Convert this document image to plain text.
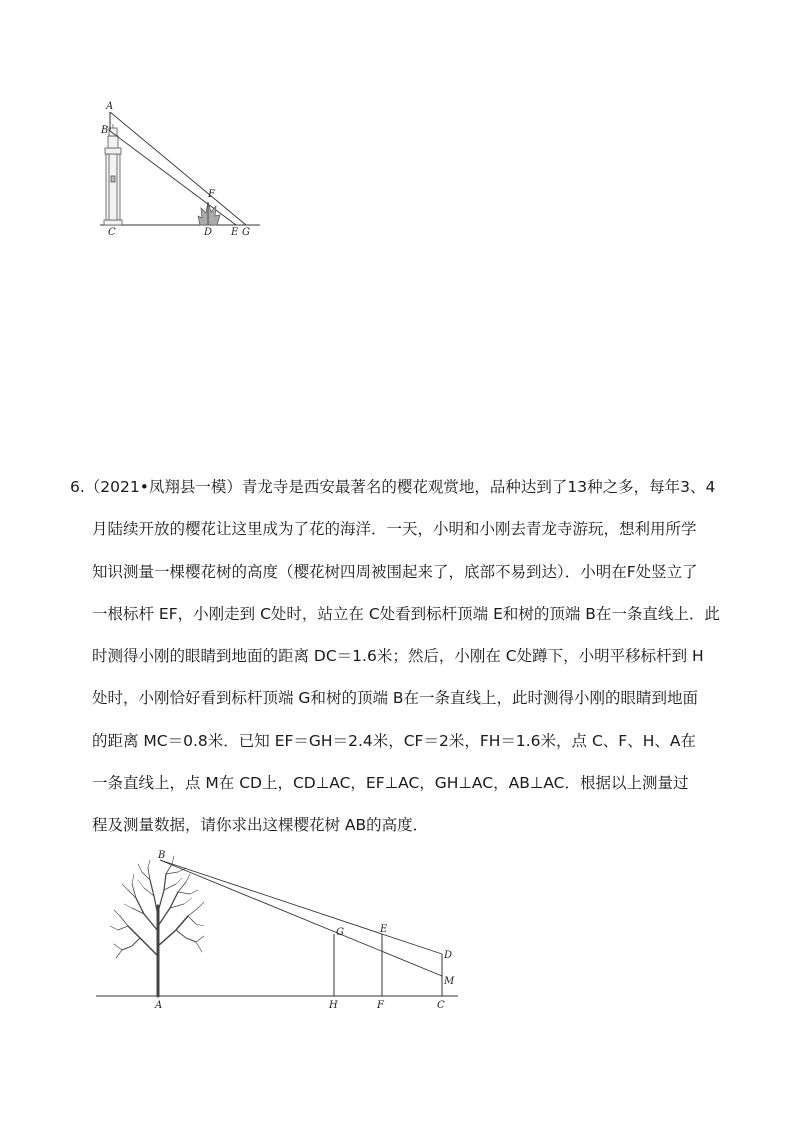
A
B
C	D E
F
G

6.（2021•凤翔县一模）青龙寺是西安最著名的樱花观赏地，品种达到了13种之多，每年3、4

月陆续开放的樱花让这里成为了花的海洋．一天，小明和小刚去青龙寺游玩，想利用所学

知识测量一棵樱花树的高度（樱花树四周被围起来了，底部不易到达）．小明在F处竖立了

一根标杆 EF，小刚走到 C处时，站立在 C处看到标杆顶端 E和树的顶端 B在一条直线上．此

时测得小刚的眼睛到地面的距离 DC＝1.6米；然后，小刚在 C处蹲下，小明平移标杆到 H

处时，小刚恰好看到标杆顶端 G和树的顶端 B在一条直线上，此时测得小刚的眼睛到地面

的距离 MC＝0.8米．已知 EF＝GH＝2.4米，CF＝2米，FH＝1.6米，点 C、F、H、A在

一条直线上，点 M在 CD上，CD⊥AC，EF⊥AC，GH⊥AC，AB⊥AC．根据以上测量过

程及测量数据，请你求出这棵樱花树 AB的高度．

B
A
G	E
D
M
H	F	C
